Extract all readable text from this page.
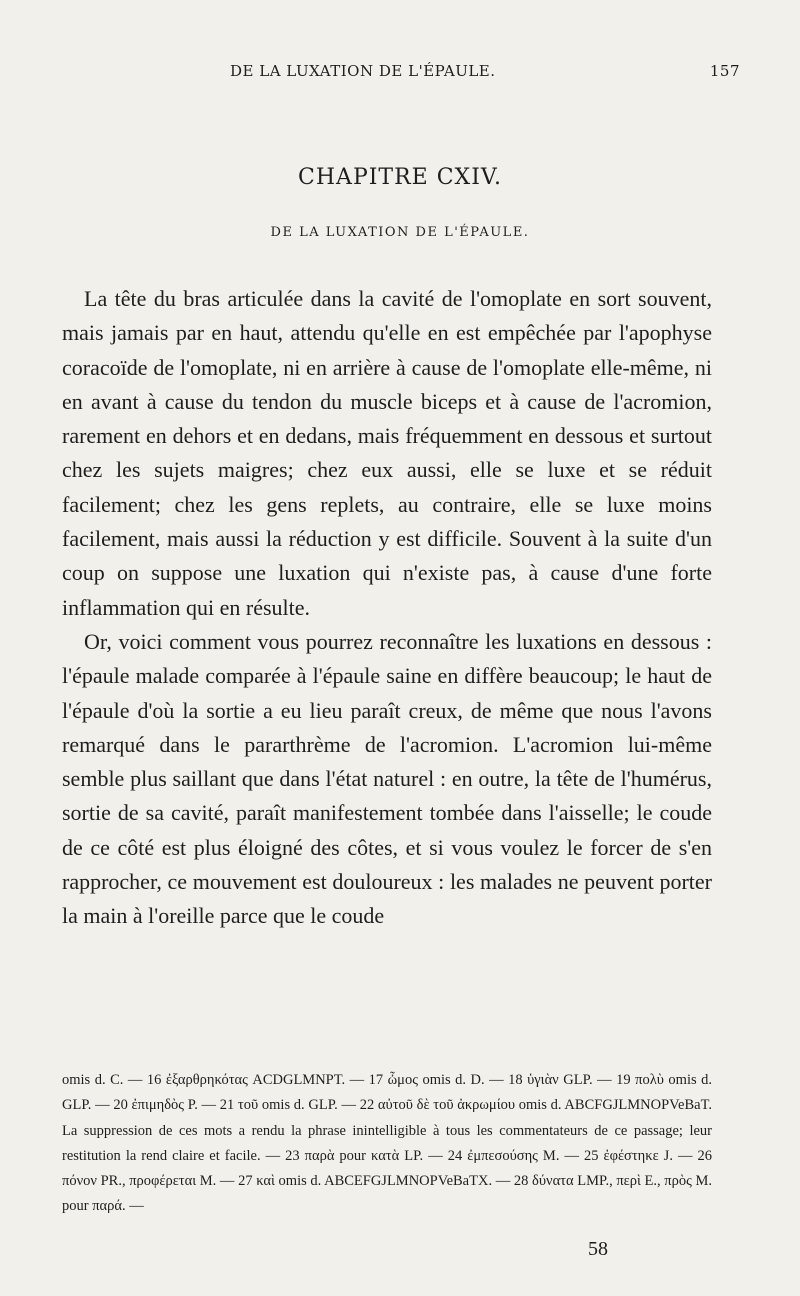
DE LA LUXATION DE L'ÉPAULE.	157
CHAPITRE CXIV.
DE LA LUXATION DE L'ÉPAULE.

La tête du bras articulée dans la cavité de l'omoplate en sort souvent, mais jamais par en haut, attendu qu'elle en est empêchée par l'apophyse coracoïde de l'omoplate, ni en arrière à cause de l'omoplate elle-même, ni en avant à cause du tendon du muscle biceps et à cause de l'acromion, rarement en dehors et en dedans, mais fréquemment en dessous et surtout chez les sujets maigres; chez eux aussi, elle se luxe et se réduit facilement; chez les gens replets, au contraire, elle se luxe moins facilement, mais aussi la réduction y est difficile. Souvent à la suite d'un coup on suppose une luxation qui n'existe pas, à cause d'une forte inflammation qui en résulte.

Or, voici comment vous pourrez reconnaître les luxations en dessous : l'épaule malade comparée à l'épaule saine en diffère beaucoup; le haut de l'épaule d'où la sortie a eu lieu paraît creux, de même que nous l'avons remarqué dans le pararthrème de l'acromion. L'acromion lui-même semble plus saillant que dans l'état naturel : en outre, la tête de l'humérus, sortie de sa cavité, paraît manifestement tombée dans l'aisselle; le coude de ce côté est plus éloigné des côtes, et si vous voulez le forcer de s'en rapprocher, ce mouvement est douloureux : les malades ne peuvent porter la main à l'oreille parce que le coude

omis d. C. — 16 ἐξαρθρηκότας ACDGLMNPT. — 17 ὦμος omis d. D. — 18 ὑγιὰν GLP. — 19 πολὺ omis d. GLP. — 20 ἐπιμηδὸς P. — 21 τοῦ omis d. GLP. — 22 αὐτοῦ δὲ τοῦ ἀκρωμίου omis d. ABCFGJLMNOPVeBaT. La suppression de ces mots a rendu la phrase inintelligible à tous les commentateurs de ce passage; leur restitution la rend claire et facile. — 23 παρὰ pour κατὰ LP. — 24 ἐμπεσούσης M. — 25 ἐφέστηκε J. — 26 πόνον PR., προφέρεται M. — 27 καὶ omis d. ABCEFGJLMNOPVeBaTX. — 28 δύνατα LMP., περὶ E., πρὸς M. pour παρά. —

58
